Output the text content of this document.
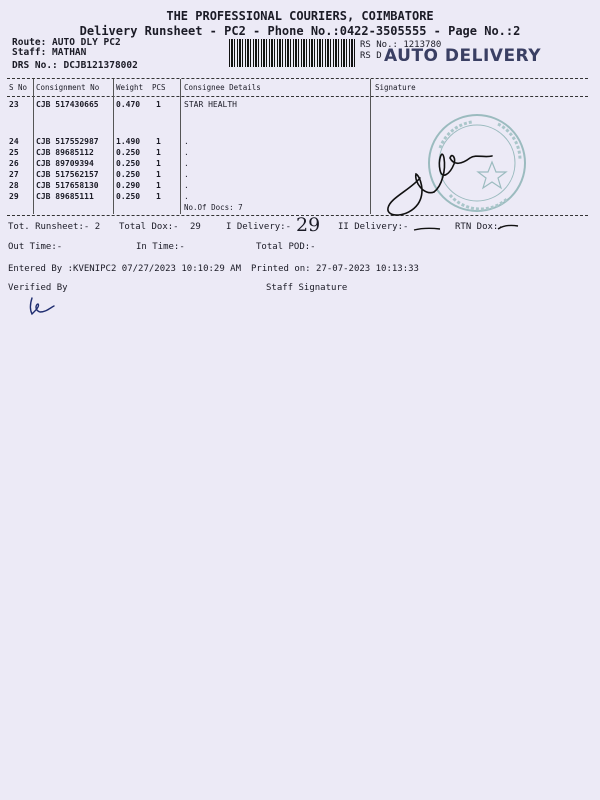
THE PROFESSIONAL COURIERS, COIMBATORE
Delivery Runsheet - PC2 - Phone No.:0422-3505555 - Page No.:2
Route: AUTO DLY PC2
Staff: MATHAN
DRS No.: DCJB121378002
RS No.: 1213780
RS D AUTO DELIVERY
S No Consignment No Weight PCS Consignee Details	Signature
23 CJB 517430665 0.470 1	STAR HEALTH
24 CJB 517552987 1.490 1	.
25 CJB 89685112	0.250 1	.
26 CJB 89709394	0.250 1	.
27 CJB 517562157 0.250 1	.
28 CJB 517658130 0.290 1	.
29 CJB 89685111	0.250 1	.
No.Of Docs: 7
Tot. Runsheet:- 2 Total Dox:- 29	I Delivery:- 29 II Delivery:-	RTN Dox:-
Out Time:-	In Time:-	Total POD:-
Entered By :KVENIPC2 07/27/2023 10:10:29 AM Printed on: 27-07-2023 10:13:33
Verified By	Staff Signature
